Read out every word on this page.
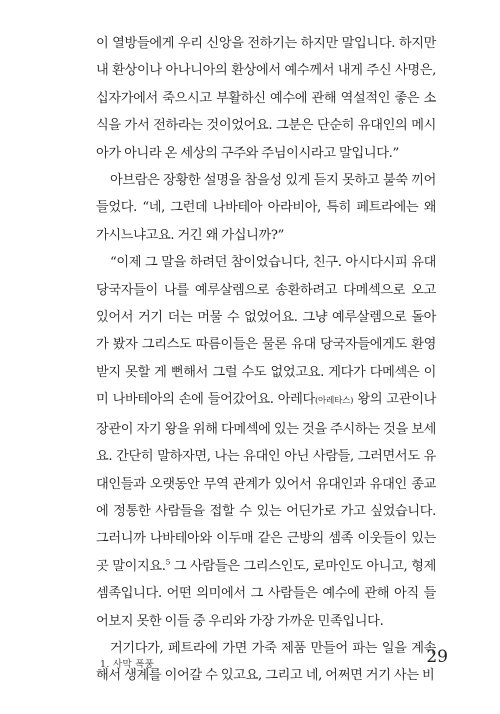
이 열방들에게 우리 신앙을 전하기는 하지만 말입니다. 하지만 내 환상이나 아나니아의 환상에서 예수께서 내게 주신 사명은, 십자가에서 죽으시고 부활하신 예수에 관해 역설적인 좋은 소식을 가서 전하라는 것이었어요. 그분은 단순히 유대인의 메시아가 아니라 온 세상의 구주와 주님이시라고 말입니다.”

아브람은 장황한 설명을 참을성 있게 듣지 못하고 불쑥 끼어들었다. “네, 그런데 나바테아 아라비아, 특히 페트라에는 왜 가시느냐고요. 거긴 왜 가십니까?”

“이제 그 말을 하려던 참이었습니다, 친구. 아시다시피 유대 당국자들이 나를 예루살렘으로 송환하려고 다메섹으로 오고 있어서 거기 더는 머물 수 없었어요. 그냥 예루살렘으로 돌아가 봤자 그리스도 따름이들은 물론 유대 당국자들에게도 환영받지 못할 게 뻔해서 그럴 수도 없었고요. 게다가 다메섹은 이미 나바테아의 손에 들어갔어요. 아레다(아레타스) 왕의 고관이나 장관이 자기 왕을 위해 다메섹에 있는 것을 주시하는 것을 보세요. 간단히 말하자면, 나는 유대인 아닌 사람들, 그러면서도 유대인들과 오랫동안 무역 관계가 있어서 유대인과 유대인 종교에 정통한 사람들을 접할 수 있는 어딘가로 가고 싶었습니다. 그러니까 나바테아와 이두매 같은 근방의 셈족 이웃들이 있는 곳 말이지요.$^5$ 그 사람들은 그리스인도, 로마인도 아니고, 형제 셈족입니다. 어떤 의미에서 그 사람들은 예수에 관해 아직 들어보지 못한 이들 중 우리와 가장 가까운 민족입니다.

거기다가, 페트라에 가면 가죽 제품 만들어 파는 일을 계속해서 생계를 이어갈 수 있고요, 그리고 네, 어쩌면 거기 사는 비

1. 사막 폭풍	29
